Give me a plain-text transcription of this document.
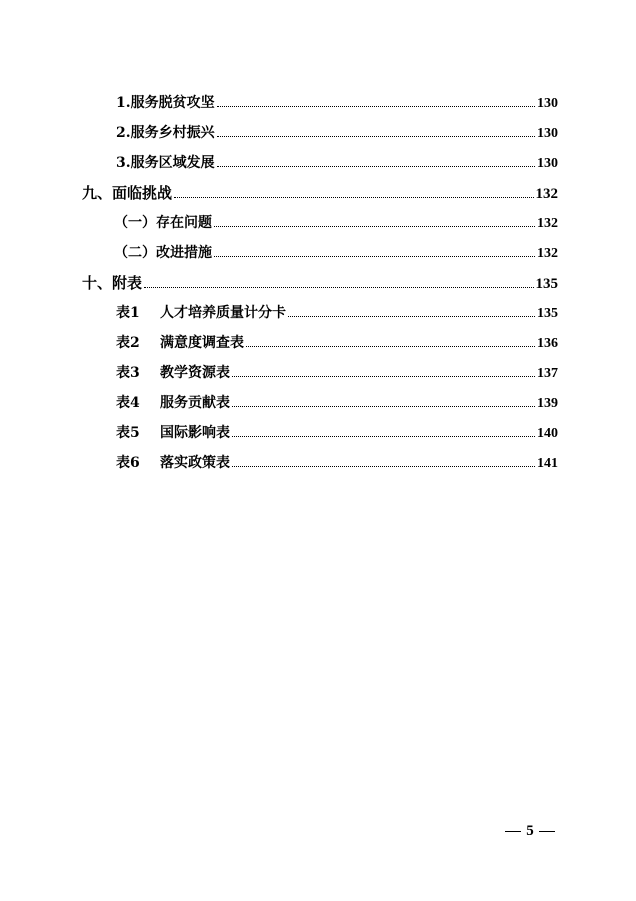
1.服务脱贫攻坚	130
2.服务乡村振兴	130
3.服务区域发展	130
九、面临挑战	132
（一）存在问题	132
（二）改进措施	132
十、附表	135
表1 人才培养质量计分卡	135
表2 满意度调查表	136
表3 教学资源表	137
表4 服务贡献表	139
表5 国际影响表	140
表6 落实政策表	141
5
